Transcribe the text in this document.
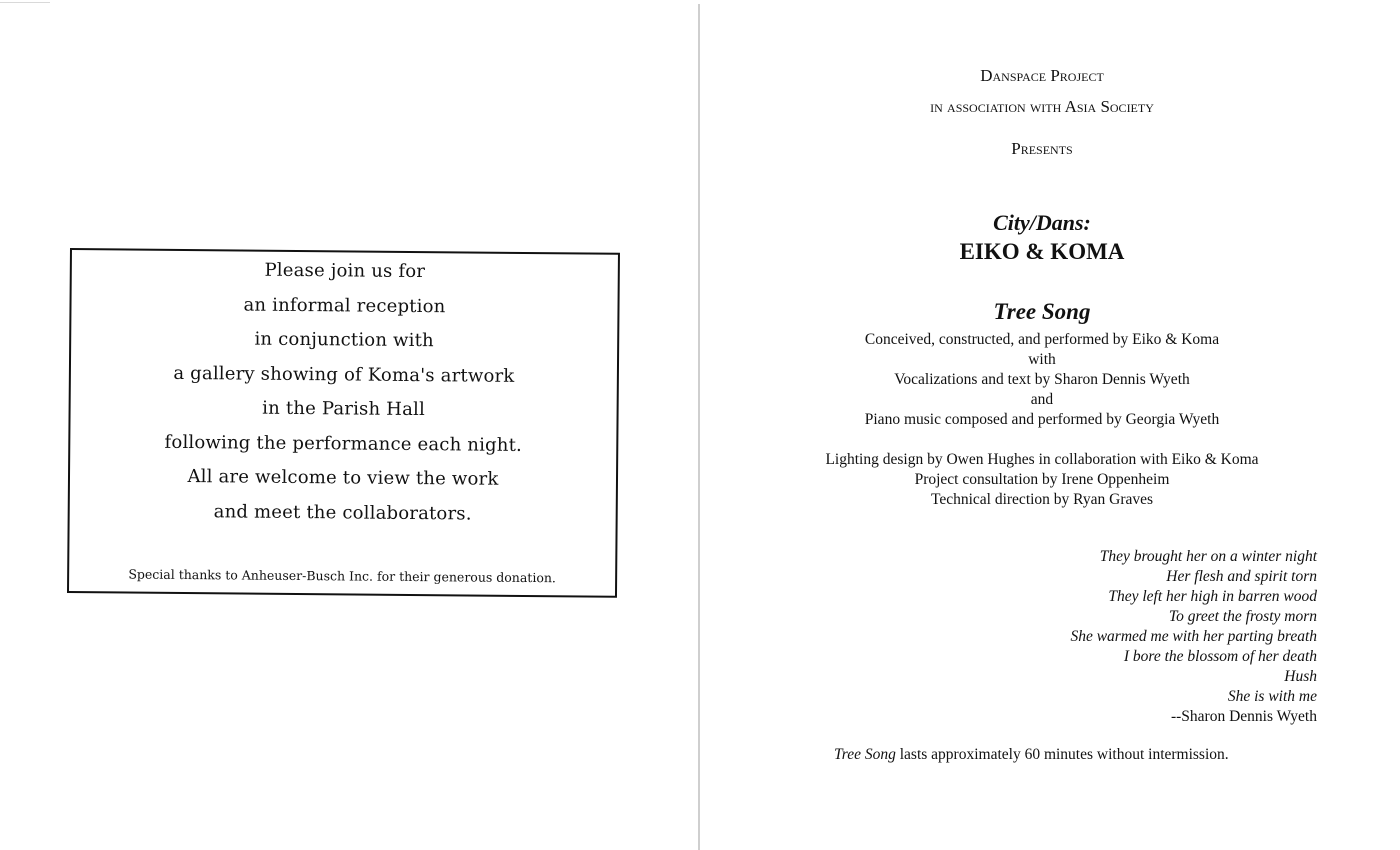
Please join us for
an informal reception
in conjunction with
a gallery showing of Koma's artwork
in the Parish Hall
following the performance each night.
All are welcome to view the work
and meet the collaborators.
Special thanks to Anheuser-Busch Inc. for their generous donation.
Danspace Project
in association with Asia Society
Presents
City/Dans:
EIKO & KOMA
Tree Song
Conceived, constructed, and performed by Eiko & Koma
with
Vocalizations and text by Sharon Dennis Wyeth
and
Piano music composed and performed by Georgia Wyeth
Lighting design by Owen Hughes in collaboration with Eiko & Koma
Project consultation by Irene Oppenheim
Technical direction by Ryan Graves
They brought her on a winter night
Her flesh and spirit torn
They left her high in barren wood
To greet the frosty morn
She warmed me with her parting breath
I bore the blossom of her death
Hush
She is with me
--Sharon Dennis Wyeth
Tree Song lasts approximately 60 minutes without intermission.
